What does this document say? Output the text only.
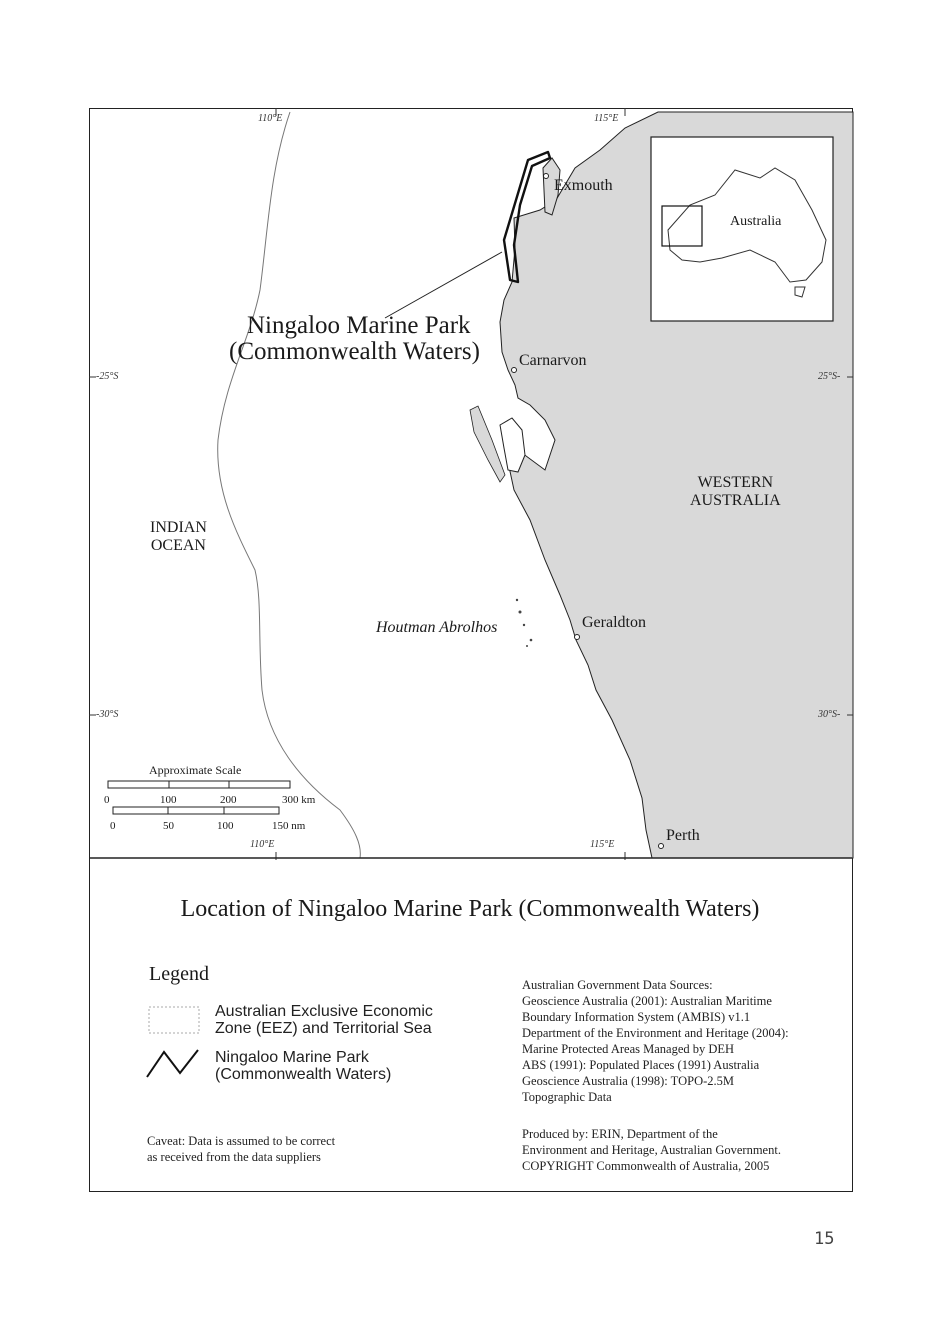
110°E	115°E
110°E	115°E
-25°S	25°S-
-30°S	30°S-
Ningaloo Marine Park
(Commonwealth Waters)
Exmouth
Carnarvon
Geraldton
Perth
Houtman Abrolhos
INDIAN
OCEAN
WESTERN
AUSTRALIA
Australia
Approximate Scale
0	100	200	300 km
0	50	100	150 nm
Location of Ningaloo Marine Park (Commonwealth Waters)
Legend
Australian Exclusive Economic
Zone (EEZ) and Territorial Sea
Ningaloo Marine Park
(Commonwealth Waters)
Caveat: Data is assumed to be correct
as received from the data suppliers
Australian Government Data Sources:
Geoscience Australia (2001): Australian Maritime
Boundary Information System (AMBIS) v1.1
Department of the Environment and Heritage (2004):
Marine Protected Areas Managed by DEH
ABS (1991): Populated Places (1991) Australia
Geoscience Australia (1998): TOPO-2.5M
Topographic Data
Produced by: ERIN, Department of the
Environment and Heritage, Australian Government.
COPYRIGHT Commonwealth of Australia, 2005
15
